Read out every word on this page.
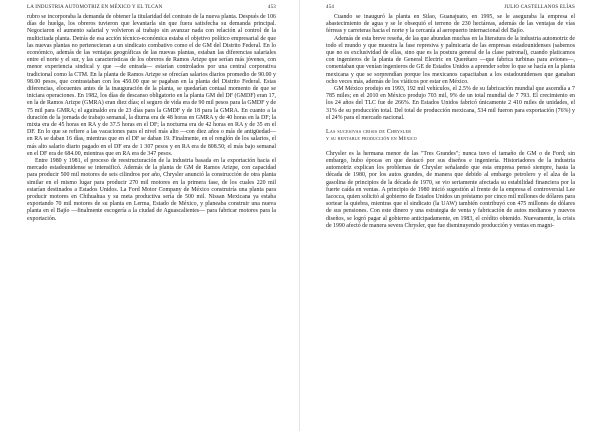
LA INDUSTRIA AUTOMOTRIZ EN MÉXICO Y EL TLCAN	453

rubro se incorporaba la demanda de obtener la titularidad del contrato de la nueva planta. Después de 106 días de huelga, los obreros tuvieron que levantarla sin que fuera satisfecha su demanda principal. Negociaron el aumento salarial y volvieron al trabajo sin avanzar nada con relación al control de la multicitada planta. Detrás de esa acción técnico-económica estaba el objetivo político empresarial de que las nuevas plantas no pertenecieran a un sindicato combativo como el de GM del Distrito Federal. En lo económico, además de las ventajas geográficas de las nuevas plantas, estaban las diferencias salariales entre el norte y el sur, y las características de los obreros de Ramos Arizpe que serían más jóvenes, con menor experiencia sindical y que —de entrada— estarían controlados por una central corporativa tradicional como la CTM. En la planta de Ramos Arizpe se ofrecían salarios diarios promedio de 90.00 y 98.00 pesos, que contrastaban con los 450.00 que se pagaban en la planta del Distrito Federal. Estas diferencias, elocuentes antes de la inauguración de la planta, se quedarían contaal momento de que se iniciara operaciones. En 1982, los días de descanso obligatorio en la planta GM del DF (GMDF) eran 17, en la de Ramos Arizpe (GMRA) eran diez días; el seguro de vida era de 90 mil pesos para la GMDF y de 75 mil para GMRA; el aguinaldo era de 23 días para la GMDF y de 18 para la GMRA. En cuanto a la duración de la jornada de trabajo semanal, la diurna era de 48 horas en GMRA y de 40 horas en la DF; la mixta era de 45 horas en RA y de 37.5 horas en el DF; la nocturna era de 42 horas en RA y de 35 en el DF. En lo que se refiere a las vacaciones para el nivel más alto —con diez años o más de antigüedad— en RA se daban 16 días, mientras que en el DF se daban 19. Finalmente, en el renglón de los salarios, el más alto salario diario pagado en el DF era de 1 307 pesos y en RA era de 808.50; el más bajo semanal en el DF era de 684.00, mientras que en RA era de 347 pesos.

Entre 1980 y 1981, el proceso de reestructuración de la industria basada en la exportación hacia el mercado estadounidense se intensificó. Además de la planta de GM de Ramos Arizpe, con capacidad para producir 500 mil motores de seis cilindros por año, Chrysler anunció la construcción de otra planta similar en el mismo lugar para producir 270 mil motores en la primera fase, de los cuales 220 mil estarían destinados a Estados Unidos. La Ford Motor Company de México construiría una planta para producir motores en Chihuahua y su meta productiva sería de 500 mil. Nissan Mexicana ya estaba exportando 70 mil motores de su planta en Lerma, Estado de México, y planeaba construir una nueva planta en el Bajío —finalmente escogería a la ciudad de Aguascalientes— para fabricar motores para la exportación.

454	JULIO CASTELLANOS ELÍAS

Cuando se inauguró la planta en Silao, Guanajuato, en 1995, se le aseguraba la empresa el abastecimiento de agua y se le obsequió el terreno de 230 hectáreas, además de las ventajas de vías férreas y carreteras hacia el norte y la cercanía al aeropuerto internacional del Bajío.

Además de esta breve reseña, de las que abundan muchas en la literatura de la industria automotriz de todo el mundo y que muestra la fase represiva y palmicaria de las empresas estadounidenses (sabemos que no es exclusividad de ellas, sino que es la postura general de la clase patronal), cuando platicamos con ingenieros de la planta de General Electric en Querétaro —que fabrica turbinas para aviones—, comentaban que venían ingenieros de GE de Estados Unidos a aprender sobre lo que se hacía en la planta mexicana y que se sorprendían porque los mexicanos capacitaban a los estadounidenses que ganaban ocho veces más, además de los viáticos por estar en México.

GM México produjo en 1993, 192 mil vehículos, el 2.5% de su fabricación mundial que ascendía a 7 785 miles; en el 2010 en México produjo 703 mil, 9% de un total mundial de 7 793. El crecimiento en los 24 años del TLC fue de 266%. En Estados Unidos fabricó únicamente 2 410 miles de unidades, el 31% de su producción total. Del total de producción mexicana, 534 mil fueron para exportación (76%) y el 24% para el mercado nacional.

Las sucesivas crisis de Chrysler

y su rentable producción en México

Chrysler es la hermana menor de las "Tres Grandes"; nunca tuvo el tamaño de GM o de Ford; sin embargo, hubo épocas en que destacó por sus diseños e ingeniería. Historiadores de la industria automotriz explican los problemas de Chrysler señalando que esta empresa pensó siempre, hasta la década de 1980, por los autos grandes, de manera que debido al embargo petrolero y el alza de la gasolina de principios de la década de 1970, se vio seriamente afectada su estabilidad financiera por la fuerte caída en ventas. A principio de 1980 inició sugestión al frente de la empresa el controversial Lee Iacocca, quien solicitó al gobierno de Estados Unidos un préstamo por cinco mil millones de dólares para sortear la quiebra, mientras que el sindicato (la UAW) también contribuyó con 475 millones de dólares de sus pensiones. Con este dinero y una estrategia de venta y fabricación de autos medianos y nuevos diseños, se logró pagar al gobierno anticipadamente, en 1983, el crédito obtenido. Nuevamente, la crisis de 1990 afectó de manera severa Chrysler, que fue disminuyendo producción y ventas en magni-
